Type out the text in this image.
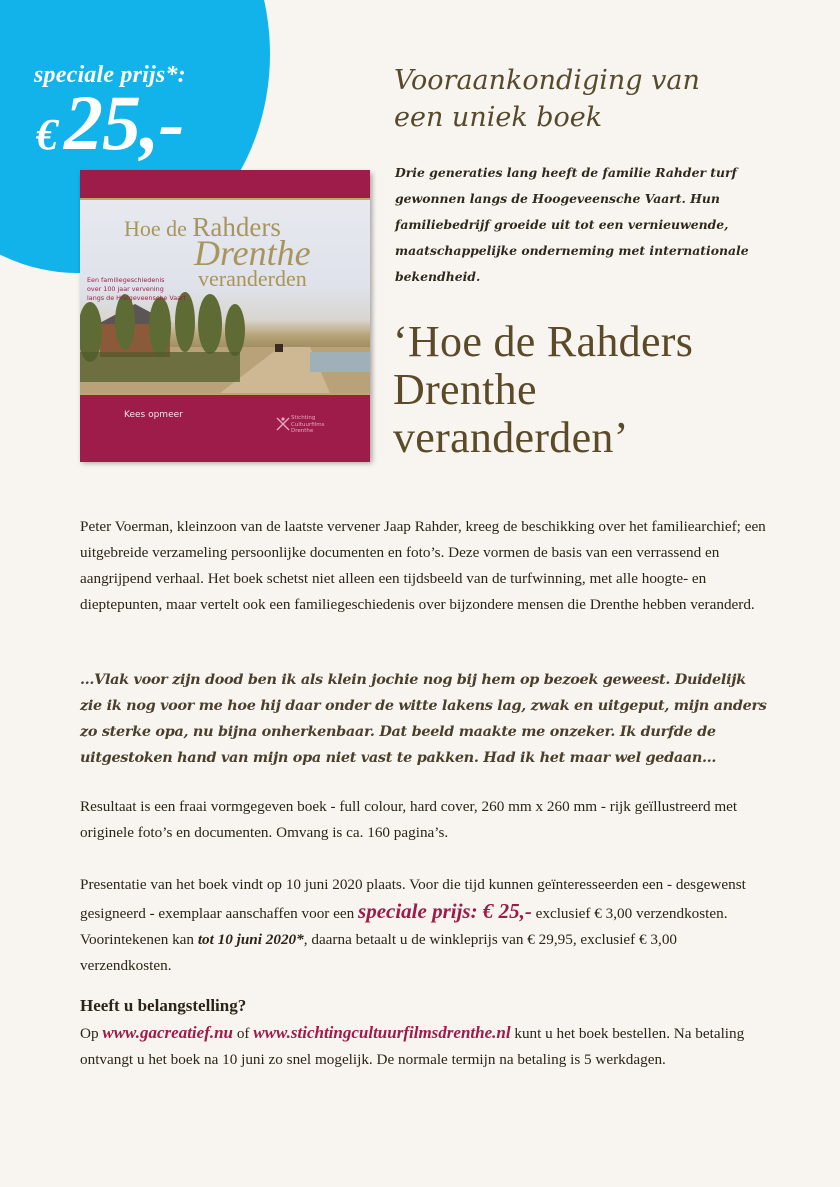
speciale prijs*:
€25,-
Hoe de Rahders
Drenthe
veranderden
Een familiegeschiedenis
over 100 jaar vervening
langs de Hoogeveensche Vaart
Kees opmeer	Stichting
Cultuurfilms
Drenthe
Vooraankondiging van
een uniek boek
Drie generaties lang heeft de familie Rahder turf gewonnen langs de Hoogeveensche Vaart. Hun familiebedrijf groeide uit tot een vernieuwende, maatschappelijke onderneming met internationale bekendheid.
‘Hoe de Rahders
Drenthe
veranderden’
Peter Voerman, kleinzoon van de laatste vervener Jaap Rahder, kreeg de beschikking over het familiearchief; een uitgebreide verzameling persoonlijke documenten en foto’s. Deze vormen de basis van een verrassend en aangrijpend verhaal. Het boek schetst niet alleen een tijdsbeeld van de turfwinning, met alle hoogte- en dieptepunten, maar vertelt ook een familiegeschiedenis over bijzondere mensen die Drenthe hebben veranderd.
…Vlak voor zijn dood ben ik als klein jochie nog bij hem op bezoek geweest. Duidelijk zie ik nog voor me hoe hij daar onder de witte lakens lag, zwak en uitgeput, mijn anders zo sterke opa, nu bijna onherkenbaar. Dat beeld maakte me onzeker. Ik durfde de uitgestoken hand van mijn opa niet vast te pakken. Had ik het maar wel gedaan…
Resultaat is een fraai vormgegeven boek - full colour, hard cover, 260 mm x 260 mm - rijk geïllustreerd met originele foto’s en documenten. Omvang is ca. 160 pagina’s.
Presentatie van het boek vindt op 10 juni 2020 plaats. Voor die tijd kunnen geïnteresseerden een - desgewenst gesigneerd - exemplaar aanschaffen voor een speciale prijs: € 25,- exclusief € 3,00 verzendkosten. Voorintekenen kan tot 10 juni 2020*, daarna betaalt u de winkleprijs van € 29,95, exclusief € 3,00 verzendkosten.
Heeft u belangstelling?
Op www.gacreatief.nu of www.stichtingcultuurfilmsdrenthe.nl kunt u het boek bestellen. Na betaling ontvangt u het boek na 10 juni zo snel mogelijk. De normale termijn na betaling is 5 werkdagen.
